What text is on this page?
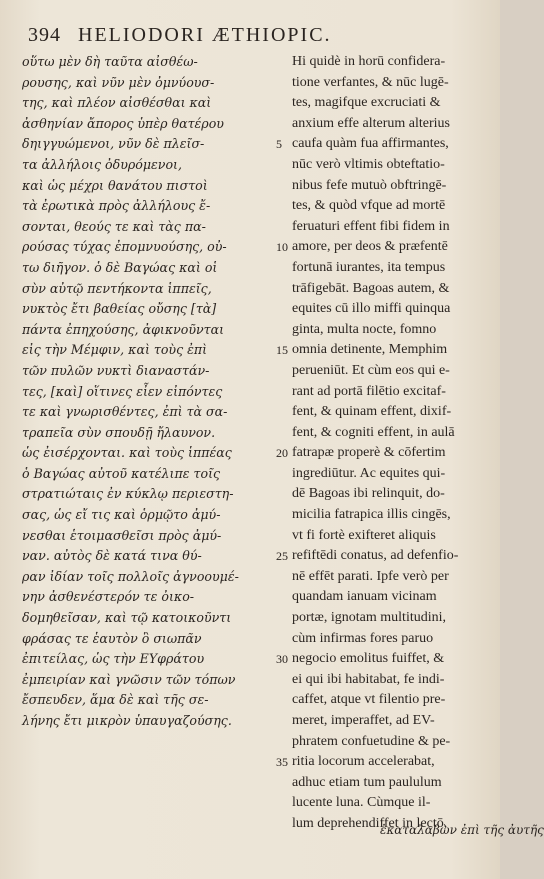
394 HELIODORI ÆTHIOPIC.
οὕτω μὲν δὴ ταῦτα αἰσθέω-
ρουσης, καὶ νῦν μὲν ὀμνύουσ-
της, καὶ πλέον αἰσθέσθαι καὶ
ἀσθηνίαν ἄπορος ὑπὲρ θατέρου
δηιγγυώμενοι, νῦν δὲ πλεῖσ-
τα ἀλλήλοις ὀδυρόμενοι,
καὶ ὡς μέχρι θανάτου πιστοὶ
τὰ ἐρωτικὰ πρὸς ἀλλήλους ἔ-
σονται, θεούς τε καὶ τὰς πα-
ρούσας τύχας ἐπομνυούσης, οὐ-
τω διῆγον. ὁ δὲ Βαγώας καὶ οἱ
σὺν αὐτῷ πεντήκοντα ἱππεῖς,
νυκτὸς ἔτι βαθείας οὔσης [τὰ]
πάντα ἐπηχούσης, ἀφικνοῦνται
εἰς τὴν Μέμφιν, καὶ τοὺς ἐπὶ
τῶν πυλῶν νυκτὶ διαναστάν-
τες, [καὶ] οἵτινες εἶεν εἰπόντες
τε καὶ γνωρισθέντες, ἐπὶ τὰ σα-
τραπεῖα σὺν σπουδῇ ἤλαυνον.
ὡς ἐισέρχονται. καὶ τοὺς ἱππέας
ὁ Βαγώας αὐτοῦ κατέλιπε τοῖς
στρατιώταις ἐν κύκλῳ περιεστη-
σας, ὡς εἴ τις καὶ ὁρμῷτο ἀμύ-
νεσθαι ἑτοιμασθεῖσι πρὸς ἀμύ-
ναν. αὐτὸς δὲ κατά τινα θύ-
ραν ἰδίαν τοῖς πολλοῖς ἀγνοουμέ-
νην ἀσθενέστερόν τε ὀικο-
δομηθεῖσαν, καὶ τῷ κατοικοῦντι
φράσας τε ἑαυτὸν ὃ σιωπᾶν
ἐπιτείλας, ὡς τὴν ΕΥφράτου
ἐμπειρίαν καὶ γνῶσιν τῶν τόπων
ἔσπευδεν, ἅμα δὲ καὶ τῆς σε-
λήνης ἔτι μικρὸν ὑπαυγαζούσης.
5
10
15
20
25
30
35
Hi quidè in horū confidera-
tione verfantes, & nūc lugē-
tes, magifque excruciati &
anxium effe alterum alterius
caufa quàm fua affirmantes,
nūc verò vltimis obteftatio-
nibus fefe mutuò obftringē-
tes, & quòd vfque ad mortē
feruaturi effent fibi fidem in
amore, per deos & præfentē
fortunā iurantes, ita tempus
trāfigebāt. Bagoas autem, &
equites cū illo miffi quinqua
ginta, multa nocte, fomno
omnia detinente, Memphim
perueniūt. Et cùm eos qui e-
rant ad portā filētio excitaf-
fent, & quinam effent, dixif-
fent, & cogniti effent, in aulā
fatrapæ properè & cōfertim
ingrediūtur. Ac equites qui-
dē Bagoas ibi relinquit, do-
micilia fatrapica illis cingēs,
vt fi fortè exifteret aliquis
refiftēdi conatus, ad defenfio-
nē effēt parati. Ipfe verò per
quandam ianuam vicinam
portæ, ignotam multitudini,
cùm infirmas fores paruo
negocio emolitus fuiffet, &
ei qui ibi habitabat, fe indi-
caffet, atque vt filentio pre-
meret, imperaffet, ad EV-
phratem confuetudine & pe-
ritia locorum accelerabat,
adhuc etiam tum paululum
lucente luna. Cùmque il-
lum deprehendiffet in lectō,
ἐκαταλαβὼν ἐπὶ τῆς ἀυτῆς
